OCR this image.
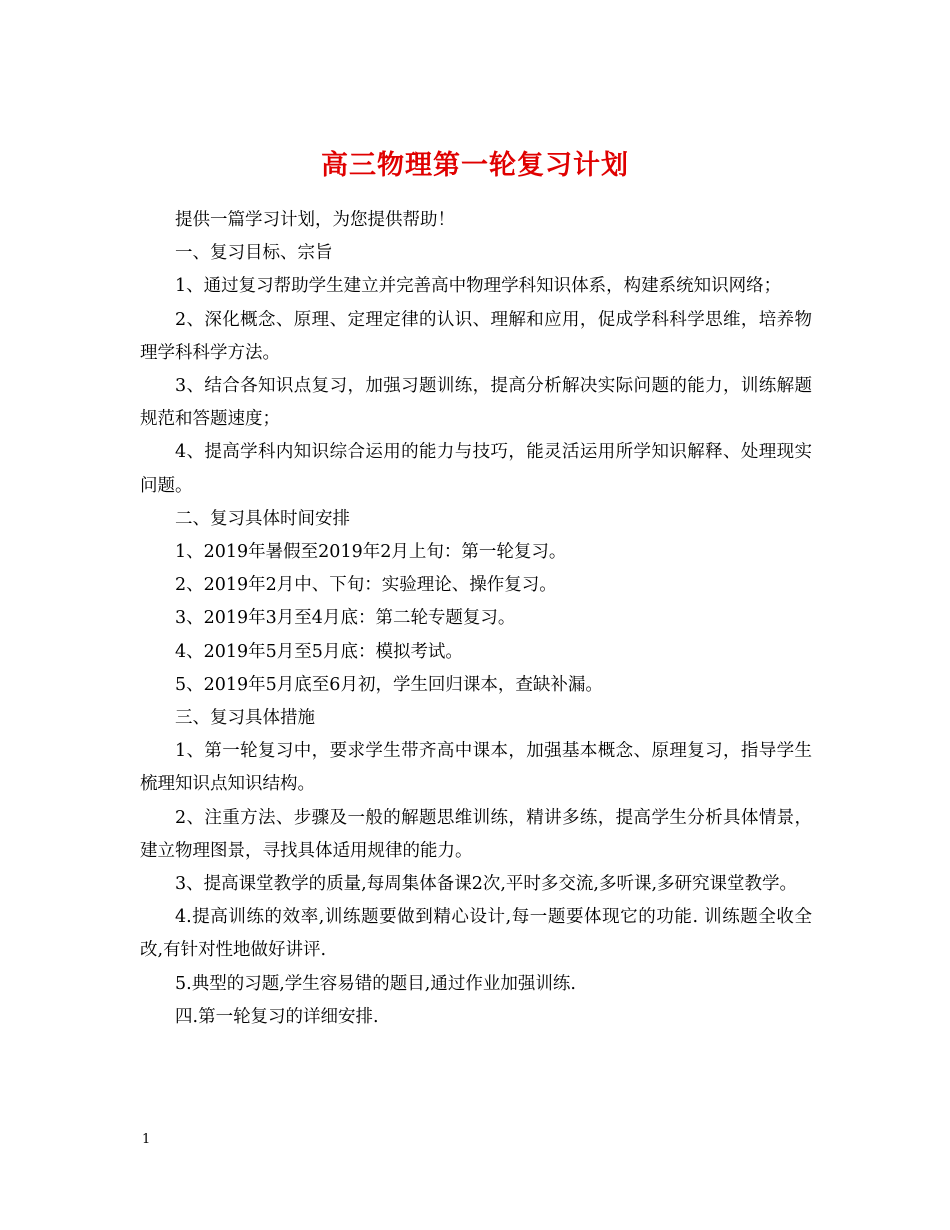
高三物理第一轮复习计划

提供一篇学习计划，为您提供帮助！

一、复习目标、宗旨

1、通过复习帮助学生建立并完善高中物理学科知识体系，构建系统知识网络；

2、深化概念、原理、定理定律的认识、理解和应用，促成学科科学思维，培养物理学科科学方法。

3、结合各知识点复习，加强习题训练，提高分析解决实际问题的能力，训练解题规范和答题速度；

4、提高学科内知识综合运用的能力与技巧，能灵活运用所学知识解释、处理现实问题。

二、复习具体时间安排

1、2019年暑假至2019年2月上旬：第一轮复习。

2、2019年2月中、下旬：实验理论、操作复习。

3、2019年3月至4月底：第二轮专题复习。

4、2019年5月至5月底：模拟考试。

5、2019年5月底至6月初，学生回归课本，查缺补漏。

三、复习具体措施

1、第一轮复习中，要求学生带齐高中课本，加强基本概念、原理复习，指导学生梳理知识点知识结构。

2、注重方法、步骤及一般的解题思维训练，精讲多练，提高学生分析具体情景，建立物理图景，寻找具体适用规律的能力。

3、提高课堂教学的质量,每周集体备课2次,平时多交流,多听课,多研究课堂教学。

4.提高训练的效率,训练题要做到精心设计,每一题要体现它的功能. 训练题全收全改,有针对性地做好讲评.

5.典型的习题,学生容易错的题目,通过作业加强训练.

四.第一轮复习的详细安排.

1
